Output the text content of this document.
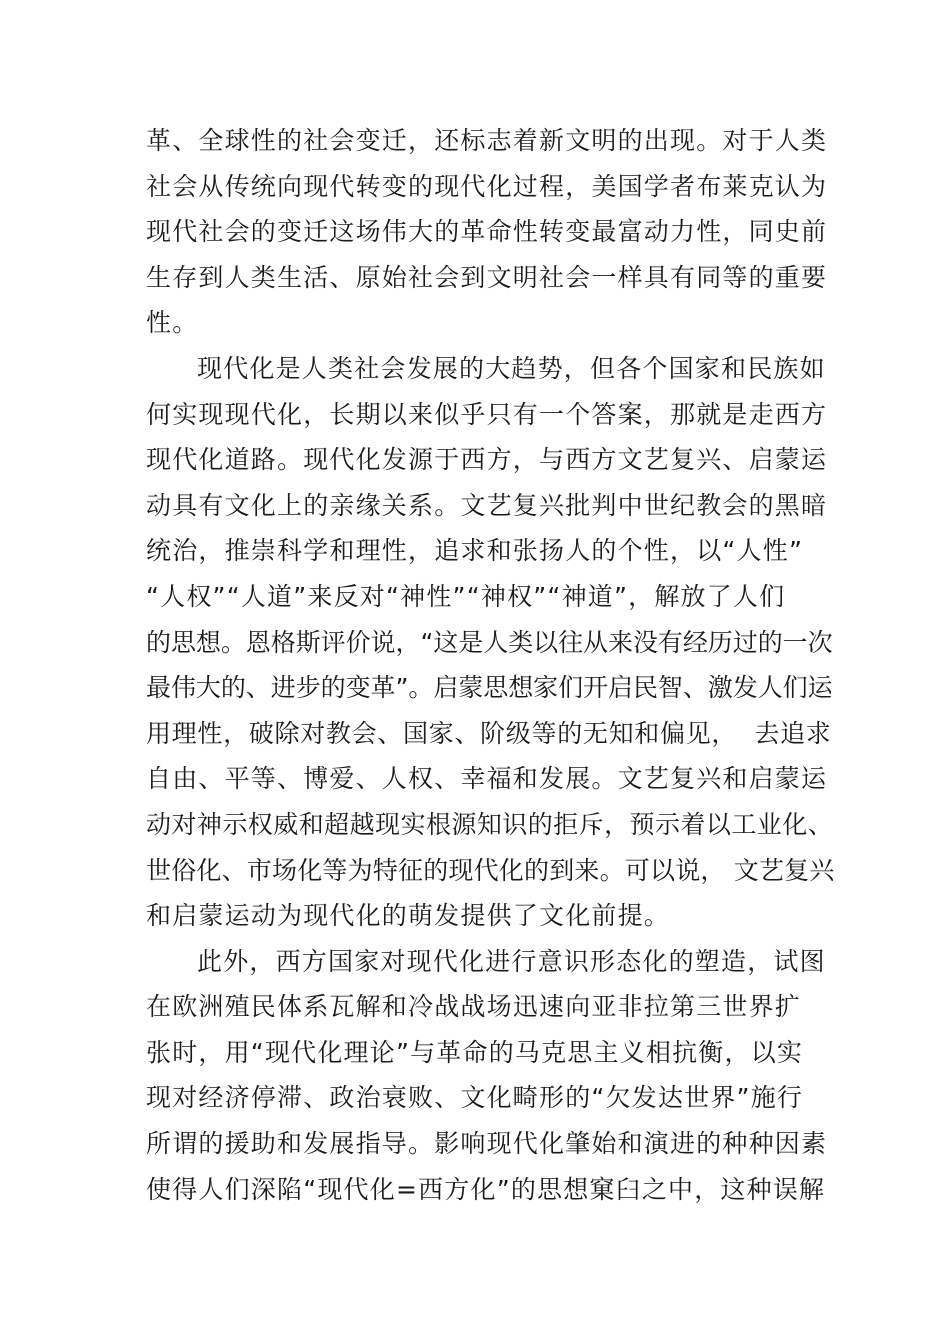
革、全球性的社会变迁，还标志着新文明的出现。对于人类
社会从传统向现代转变的现代化过程，美国学者布莱克认为
现代社会的变迁这场伟大的革命性转变最富动力性，同史前
生存到人类生活、原始社会到文明社会一样具有同等的重要
性。
现代化是人类社会发展的大趋势，但各个国家和民族如
何实现现代化，长期以来似乎只有一个答案，那就是走西方
现代化道路。现代化发源于西方，与西方文艺复兴、启蒙运
动具有文化上的亲缘关系。文艺复兴批判中世纪教会的黑暗
统治，推崇科学和理性，追求和张扬人的个性，以“人性”
“人权”“人道”来反对“神性”“神权”“神道”，解放了人们
的思想。恩格斯评价说，“这是人类以往从来没有经历过的一次
最伟大的、进步的变革”。启蒙思想家们开启民智、激发人们运
用理性，破除对教会、国家、阶级等的无知和偏见，  去追求
自由、平等、博爱、人权、幸福和发展。文艺复兴和启蒙运
动对神示权威和超越现实根源知识的拒斥，预示着以工业化、
世俗化、市场化等为特征的现代化的到来。可以说， 文艺复兴
和启蒙运动为现代化的萌发提供了文化前提。
此外，西方国家对现代化进行意识形态化的塑造，试图
在欧洲殖民体系瓦解和冷战战场迅速向亚非拉第三世界扩
张时，用“现代化理论”与革命的马克思主义相抗衡，以实
现对经济停滞、政治衰败、文化畸形的“欠发达世界”施行
所谓的援助和发展指导。影响现代化肇始和演进的种种因素
使得人们深陷“现代化=西方化”的思想窠臼之中，这种误解
